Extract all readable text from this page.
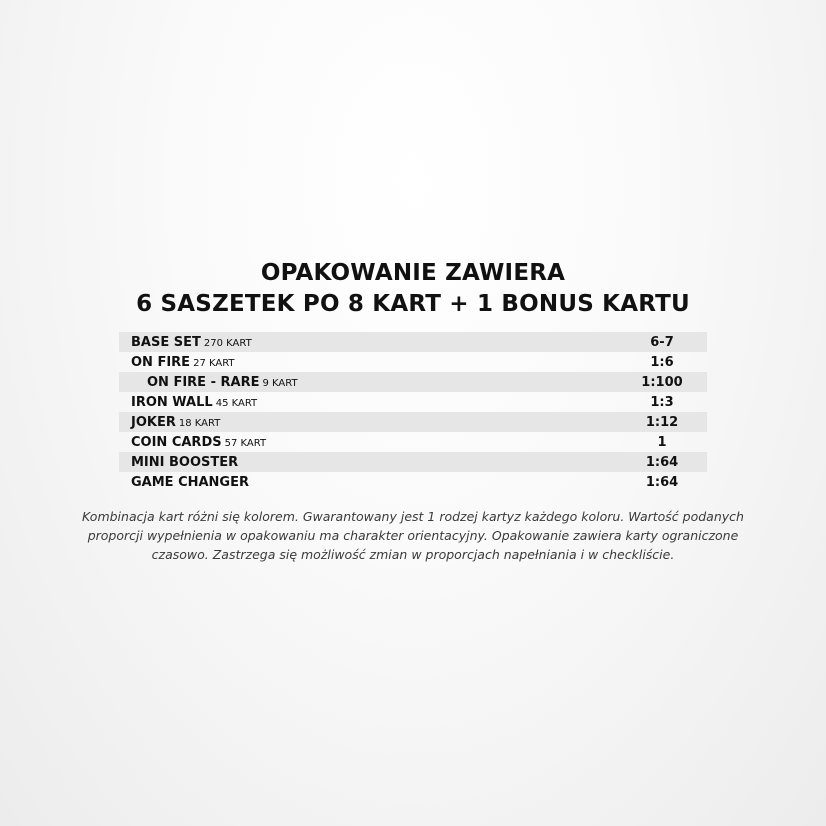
OPAKOWANIE ZAWIERA
6 SASZETEK PO 8 KART + 1 BONUS KARTU
BASE SET 270 KART	6-7
ON FIRE 27 KART	1:6
ON FIRE - RARE 9 KART	1:100
IRON WALL 45 KART	1:3
JOKER 18 KART	1:12
COIN CARDS 57 KART	1
MINI BOOSTER	1:64
GAME CHANGER	1:64
Kombinacja kart różni się kolorem. Gwarantowany jest 1 rodzej kartyz każdego koloru. Wartość podanych
proporcji wypełnienia w opakowaniu ma charakter orientacyjny. Opakowanie zawiera karty ograniczone
czasowo. Zastrzega się możliwość zmian w proporcjach napełniania i w checkliście.
